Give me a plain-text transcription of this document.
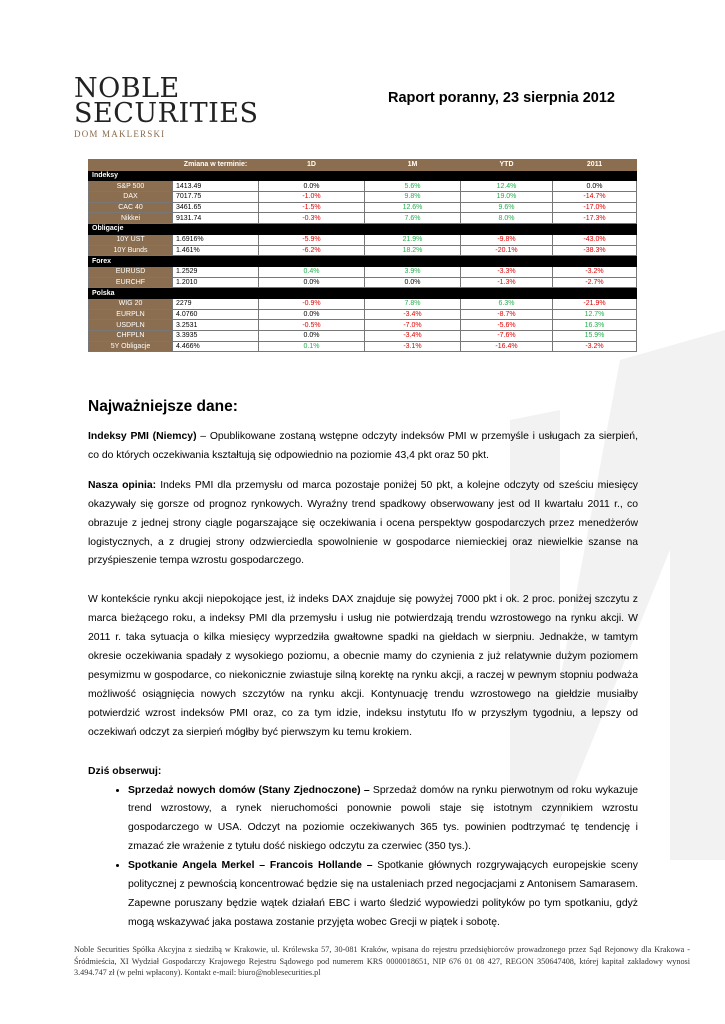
NOBLE
SECURITIES
DOM MAKLERSKI
Raport poranny, 23 sierpnia 2012
	Zmiana w terminie:	1D	1M	YTD	2011
Indeksy					
S&P 500	1413.49	0.0%	5.6%	12.4%	0.0%
DAX	7017.75	-1.0%	9.8%	19.0%	-14.7%
CAC 40	3461.65	-1.5%	12.6%	9.6%	-17.0%
Nikkei	9131.74	-0.3%	7.6%	8.0%	-17.3%
Obligacje					
10Y UST	1.6916%	-5.9%	21.9%	-9.8%	-43.0%
10Y Bunds	1.461%	-6.2%	18.2%	-20.1%	-38.3%
Forex					
EURUSD	1.2529	0.4%	3.9%	-3.3%	-3.2%
EURCHF	1.2010	0.0%	0.0%	-1.3%	-2.7%
Polska					
WIG 20	2279	-0.9%	7.8%	6.3%	-21.9%
EURPLN	4.0760	0.0%	-3.4%	-8.7%	12.7%
USDPLN	3.2531	-0.5%	-7.0%	-5.6%	16.3%
CHFPLN	3.3935	0.0%	-3.4%	-7.6%	15.9%
5Y Obligacje	4.466%	0.1%	-3.1%	-16.4%	-3.2%
Najważniejsze dane:

Indeksy PMI (Niemcy) – Opublikowane zostaną wstępne odczyty indeksów PMI w przemyśle i usługach za sierpień, co do których oczekiwania kształtują się odpowiednio na poziomie 43,4 pkt oraz 50 pkt.

Nasza opinia: Indeks PMI dla przemysłu od marca pozostaje poniżej 50 pkt, a kolejne odczyty od sześciu miesięcy okazywały się gorsze od prognoz rynkowych. Wyraźny trend spadkowy obserwowany jest od II kwartału 2011 r., co obrazuje z jednej strony ciągle pogarszające się oczekiwania i ocena perspektyw gospodarczych przez menedżerów logistycznych, a z drugiej strony odzwierciedla spowolnienie w gospodarce niemieckiej oraz niewielkie szanse na przyśpieszenie tempa wzrostu gospodarczego.

W kontekście rynku akcji niepokojące jest, iż indeks DAX znajduje się powyżej 7000 pkt i ok. 2 proc. poniżej szczytu z marca bieżącego roku, a indeksy PMI dla przemysłu i usług nie potwierdzają trendu wzrostowego na rynku akcji. W 2011 r. taka sytuacja o kilka miesięcy wyprzedziła gwałtowne spadki na giełdach w sierpniu. Jednakże, w tamtym okresie oczekiwania spadały z wysokiego poziomu, a obecnie mamy do czynienia z już relatywnie dużym poziomem pesymizmu w gospodarce, co niekonicznie zwiastuje silną korektę na rynku akcji, a raczej w pewnym stopniu podważa możliwość osiągnięcia nowych szczytów na rynku akcji. Kontynuację trendu wzrostowego na giełdzie musiałby potwierdzić wzrost indeksów PMI oraz, co za tym idzie, indeksu instytutu Ifo w przyszłym tygodniu, a lepszy od oczekiwań odczyt za sierpień mógłby być pierwszym ku temu krokiem.

Dziś obserwuj:

• Sprzedaż nowych domów (Stany Zjednoczone) – Sprzedaż domów na rynku pierwotnym od roku wykazuje trend wzrostowy, a rynek nieruchomości ponownie powoli staje się istotnym czynnikiem wzrostu gospodarczego w USA. Odczyt na poziomie oczekiwanych 365 tys. powinien podtrzymać tę tendencję i zmazać złe wrażenie z tytułu dość niskiego odczytu za czerwiec (350 tys.).
• Spotkanie Angela Merkel – Francois Hollande – Spotkanie głównych rozgrywających europejskie sceny politycznej z pewnością koncentrować będzie się na ustaleniach przed negocjacjami z Antonisem Samarasem. Zapewne poruszany będzie wątek działań EBC i warto śledzić wypowiedzi polityków po tym spotkaniu, gdyż mogą wskazywać jaka postawa zostanie przyjęta wobec Grecji w piątek i sobotę.
Noble Securities Spółka Akcyjna z siedzibą w Krakowie, ul. Królewska 57, 30-081 Kraków, wpisana do rejestru przedsiębiorców prowadzonego przez Sąd Rejonowy dla Krakowa - Śródmieścia, XI Wydział Gospodarczy Krajowego Rejestru Sądowego pod numerem KRS 0000018651, NIP 676 01 08 427, REGON 350647408, której kapitał zakładowy wynosi 3.494.747 zł (w pełni wpłacony). Kontakt e-mail: biuro@noblesecurities.pl
